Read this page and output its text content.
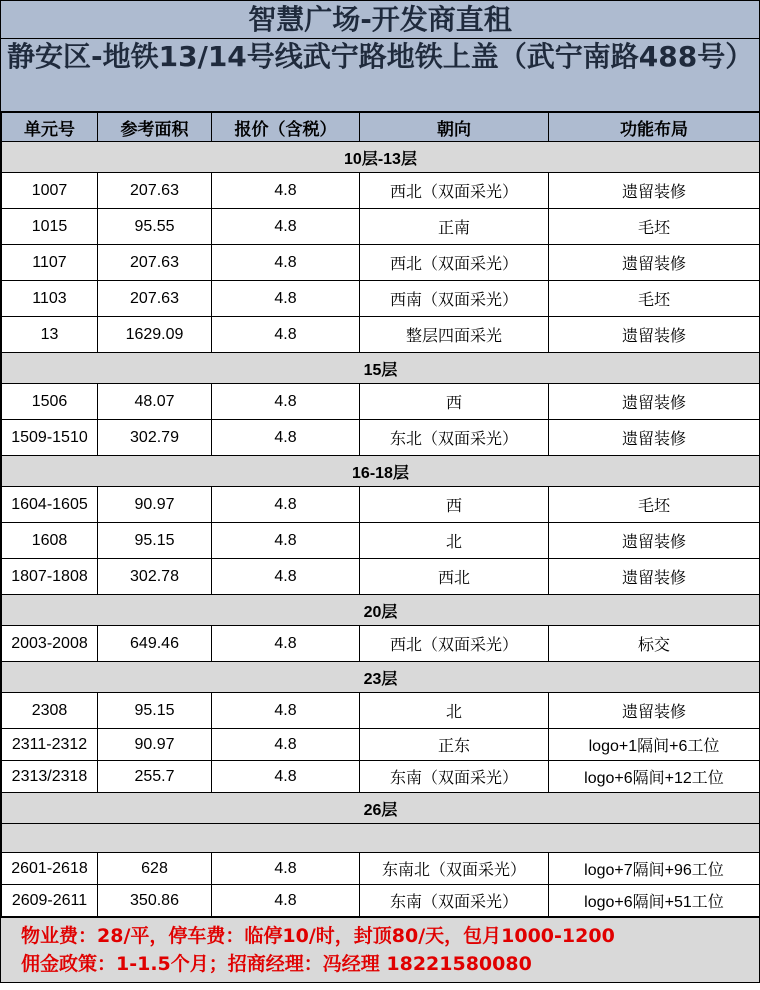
智慧广场-开发商直租
静安区-地铁13/14号线武宁路地铁上盖（武宁南路488号）
单元号	参考面积	报价（含税）	朝向	功能布局
10层-13层				
1007	207.63	4.8	西北（双面采光）	遗留装修
1015	95.55	4.8	正南	毛坯
1107	207.63	4.8	西北（双面采光）	遗留装修
1103	207.63	4.8	西南（双面采光）	毛坯
13	1629.09	4.8	整层四面采光	遗留装修
15层				
1506	48.07	4.8	西	遗留装修
1509-1510	302.79	4.8	东北（双面采光）	遗留装修
16-18层				
1604-1605	90.97	4.8	西	毛坯
1608	95.15	4.8	北	遗留装修
1807-1808	302.78	4.8	西北	遗留装修
20层				
2003-2008	649.46	4.8	西北（双面采光）	标交
23层				
2308	95.15	4.8	北	遗留装修
2311-2312	90.97	4.8	正东	logo+1隔间+6工位
2313/2318	255.7	4.8	东南（双面采光）	logo+6隔间+12工位
26层				

2601-2618	628	4.8	东南北（双面采光）	logo+7隔间+96工位
2609-2611	350.86	4.8	东南（双面采光）	logo+6隔间+51工位
物业费：28/平，停车费：临停10/时，封顶80/天，包月1000-1200
佣金政策：1-1.5个月；招商经理：冯经理 18221580080
